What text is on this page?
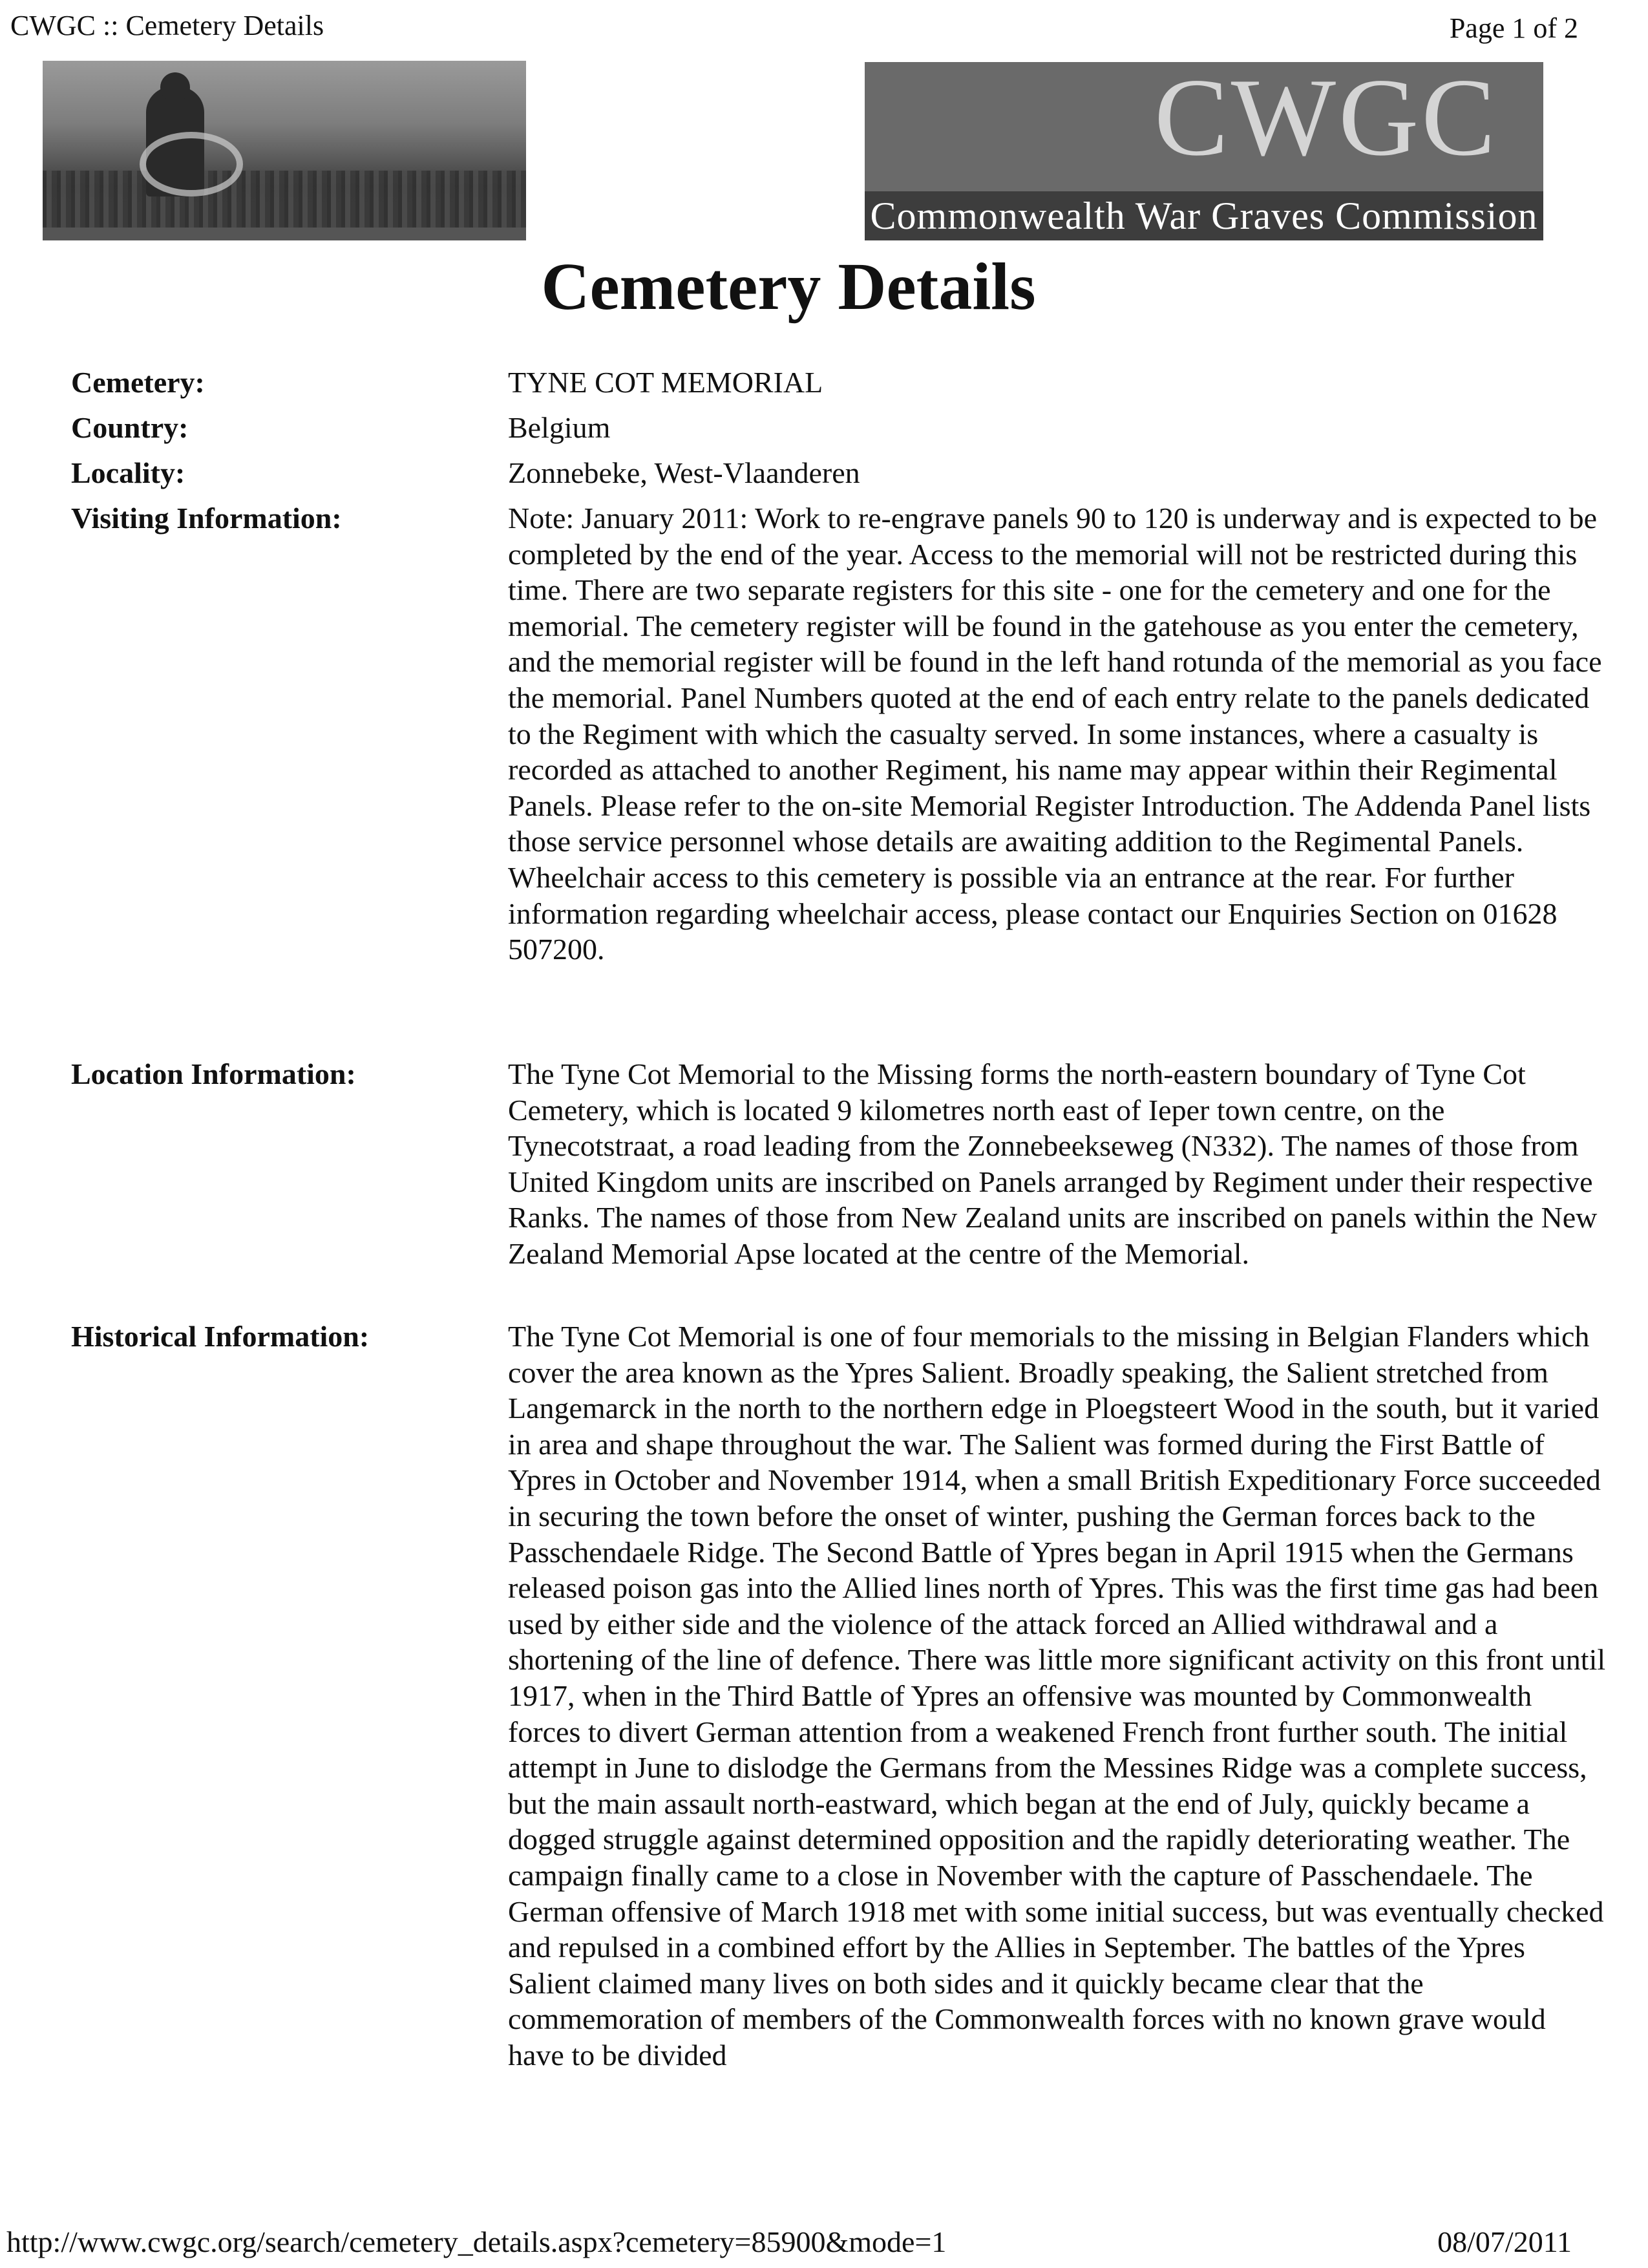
CWGC :: Cemetery Details	Page 1 of 2
CWGC
Commonwealth War Graves Commission
Cemetery Details
Cemetery:	TYNE COT MEMORIAL
Country:	Belgium
Locality:	Zonnebeke, West-Vlaanderen
Visiting Information:	Note: January 2011: Work to re-engrave panels 90 to 120 is underway and is expected to be completed by the end of the year. Access to the memorial will not be restricted during this time. There are two separate registers for this site - one for the cemetery and one for the memorial. The cemetery register will be found in the gatehouse as you enter the cemetery, and the memorial register will be found in the left hand rotunda of the memorial as you face the memorial. Panel Numbers quoted at the end of each entry relate to the panels dedicated to the Regiment with which the casualty served. In some instances, where a casualty is recorded as attached to another Regiment, his name may appear within their Regimental Panels. Please refer to the on-site Memorial Register Introduction. The Addenda Panel lists those service personnel whose details are awaiting addition to the Regimental Panels. Wheelchair access to this cemetery is possible via an entrance at the rear. For further information regarding wheelchair access, please contact our Enquiries Section on 01628 507200.
Location Information:	The Tyne Cot Memorial to the Missing forms the north-eastern boundary of Tyne Cot Cemetery, which is located 9 kilometres north east of Ieper town centre, on the Tynecotstraat, a road leading from the Zonnebeekseweg (N332). The names of those from United Kingdom units are inscribed on Panels arranged by Regiment under their respective Ranks. The names of those from New Zealand units are inscribed on panels within the New Zealand Memorial Apse located at the centre of the Memorial.
Historical Information:	The Tyne Cot Memorial is one of four memorials to the missing in Belgian Flanders which cover the area known as the Ypres Salient. Broadly speaking, the Salient stretched from Langemarck in the north to the northern edge in Ploegsteert Wood in the south, but it varied in area and shape throughout the war. The Salient was formed during the First Battle of Ypres in October and November 1914, when a small British Expeditionary Force succeeded in securing the town before the onset of winter, pushing the German forces back to the Passchendaele Ridge. The Second Battle of Ypres began in April 1915 when the Germans released poison gas into the Allied lines north of Ypres. This was the first time gas had been used by either side and the violence of the attack forced an Allied withdrawal and a shortening of the line of defence. There was little more significant activity on this front until 1917, when in the Third Battle of Ypres an offensive was mounted by Commonwealth forces to divert German attention from a weakened French front further south. The initial attempt in June to dislodge the Germans from the Messines Ridge was a complete success, but the main assault north-eastward, which began at the end of July, quickly became a dogged struggle against determined opposition and the rapidly deteriorating weather. The campaign finally came to a close in November with the capture of Passchendaele. The German offensive of March 1918 met with some initial success, but was eventually checked and repulsed in a combined effort by the Allies in September. The battles of the Ypres Salient claimed many lives on both sides and it quickly became clear that the commemoration of members of the Commonwealth forces with no known grave would have to be divided
http://www.cwgc.org/search/cemetery_details.aspx?cemetery=85900&mode=1	08/07/2011
